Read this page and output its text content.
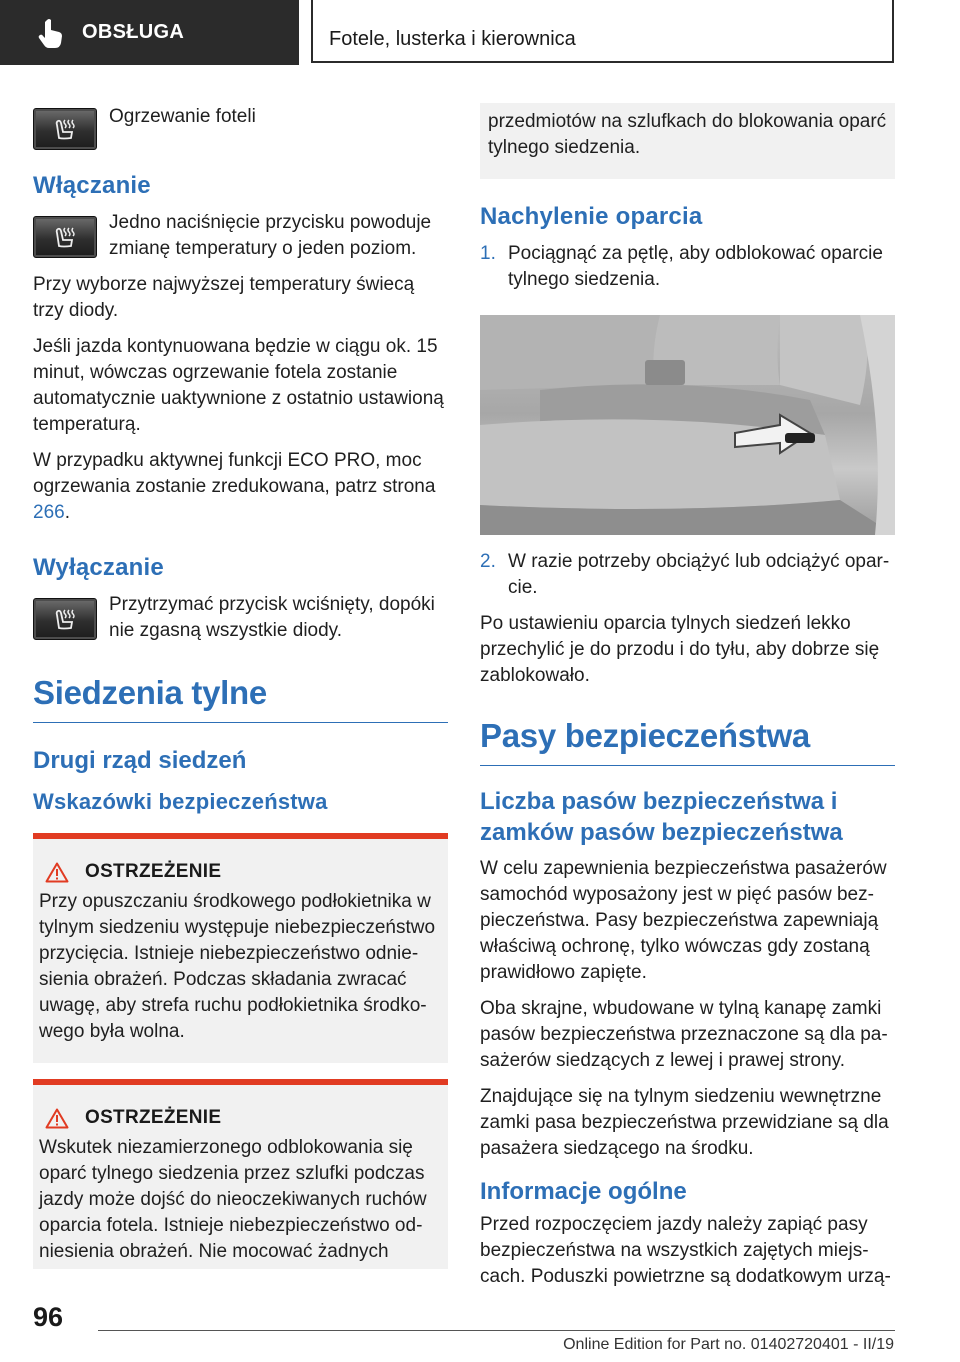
OBSŁUGA	Fotele, lusterka i kierownica

Ogrzewanie foteli

Włączanie

Jedno naciśnięcie przycisku powoduje zmianę temperatury o jeden poziom.

Przy wyborze najwyższej temperatury świecą trzy diody.

Jeśli jazda kontynuowana będzie w ciągu ok. 15 minut, wówczas ogrzewanie fotela zostanie automatycznie uaktywnione z ostatnio ustawioną temperaturą.

W przypadku aktywnej funkcji ECO PRO, moc ogrzewania zostanie zredukowana, patrz strona 266.

Wyłączanie

Przytrzymać przycisk wciśnięty, dopóki nie zgasną wszystkie diody.

Siedzenia tylne
Drugi rząd siedzeń
Wskazówki bezpieczeństwa
OSTRZEŻENIE

Przy opuszczaniu środkowego podłokietnika w tylnym siedzeniu występuje niebezpieczeństwo przycięcia. Istnieje niebezpieczeństwo odnie-sienia obrażeń. Podczas składania zwracać uwagę, aby strefa ruchu podłokietnika środko-wego była wolna.

OSTRZEŻENIE

Wskutek niezamierzonego odblokowania się oparć tylnego siedzenia przez szlufki podczas jazdy może dojść do nieoczekiwanych ruchów oparcia fotela. Istnieje niebezpieczeństwo od-niesienia obrażeń. Nie mocować żadnych

przedmiotów na szlufkach do blokowania oparć tylnego siedzenia.

Nachylenie oparcia
1. Pociągnąć za pętlę, aby odblokować oparcie tylnego siedzenia.
2. W razie potrzeby obciążyć lub odciążyć opar-cie.

Po ustawieniu oparcia tylnych siedzeń lekko przechylić je do przodu i do tyłu, aby dobrze się zablokowało.

Pasy bezpieczeństwa
Liczba pasów bezpieczeństwa i zamków pasów bezpieczeństwa

W celu zapewnienia bezpieczeństwa pasażerów samochód wyposażony jest w pięć pasów bez-pieczeństwa. Pasy bezpieczeństwa zapewniają właściwą ochronę, tylko wówczas gdy zostaną prawidłowo zapięte.

Oba skrajne, wbudowane w tylną kanapę zamki pasów bezpieczeństwa przeznaczone są dla pa-sażerów siedzących z lewej i prawej strony.

Znajdujące się na tylnym siedzeniu wewnętrzne zamki pasa bezpieczeństwa przewidziane są dla pasażera siedzącego na środku.

Informacje ogólne

Przed rozpoczęciem jazdy należy zapiąć pasy bezpieczeństwa na wszystkich zajętych miejs-cach. Poduszki powietrzne są dodatkowym urzą-

96
Online Edition for Part no. 01402720401 - II/19
